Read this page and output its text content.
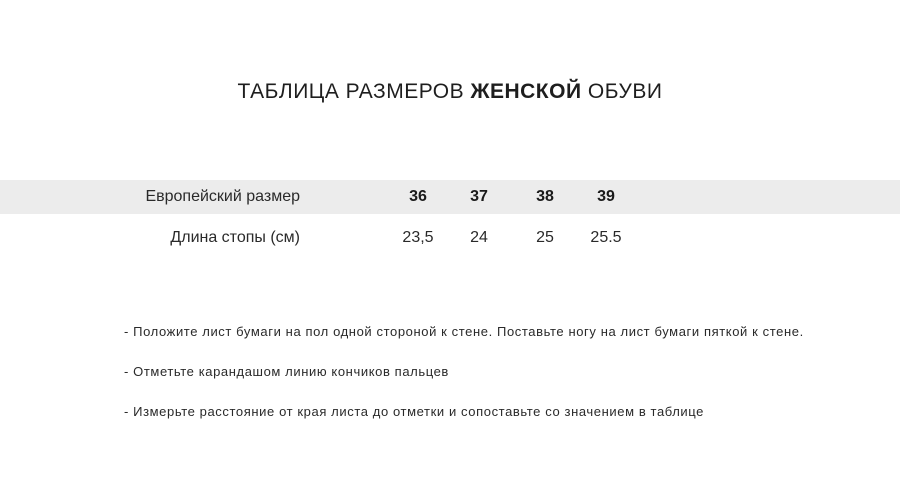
ТАБЛИЦА РАЗМЕРОВ ЖЕНСКОЙ ОБУВИ
Европейский размер	36	37	38	39
Длина стопы (см)	23,5	24	25	25.5
- Положите лист бумаги на пол одной стороной к стене. Поставьте ногу на лист бумаги пяткой к стене.
- Отметьте карандашом линию кончиков пальцев
- Измерьте расстояние от края листа до отметки и сопоставьте со значением в таблице
